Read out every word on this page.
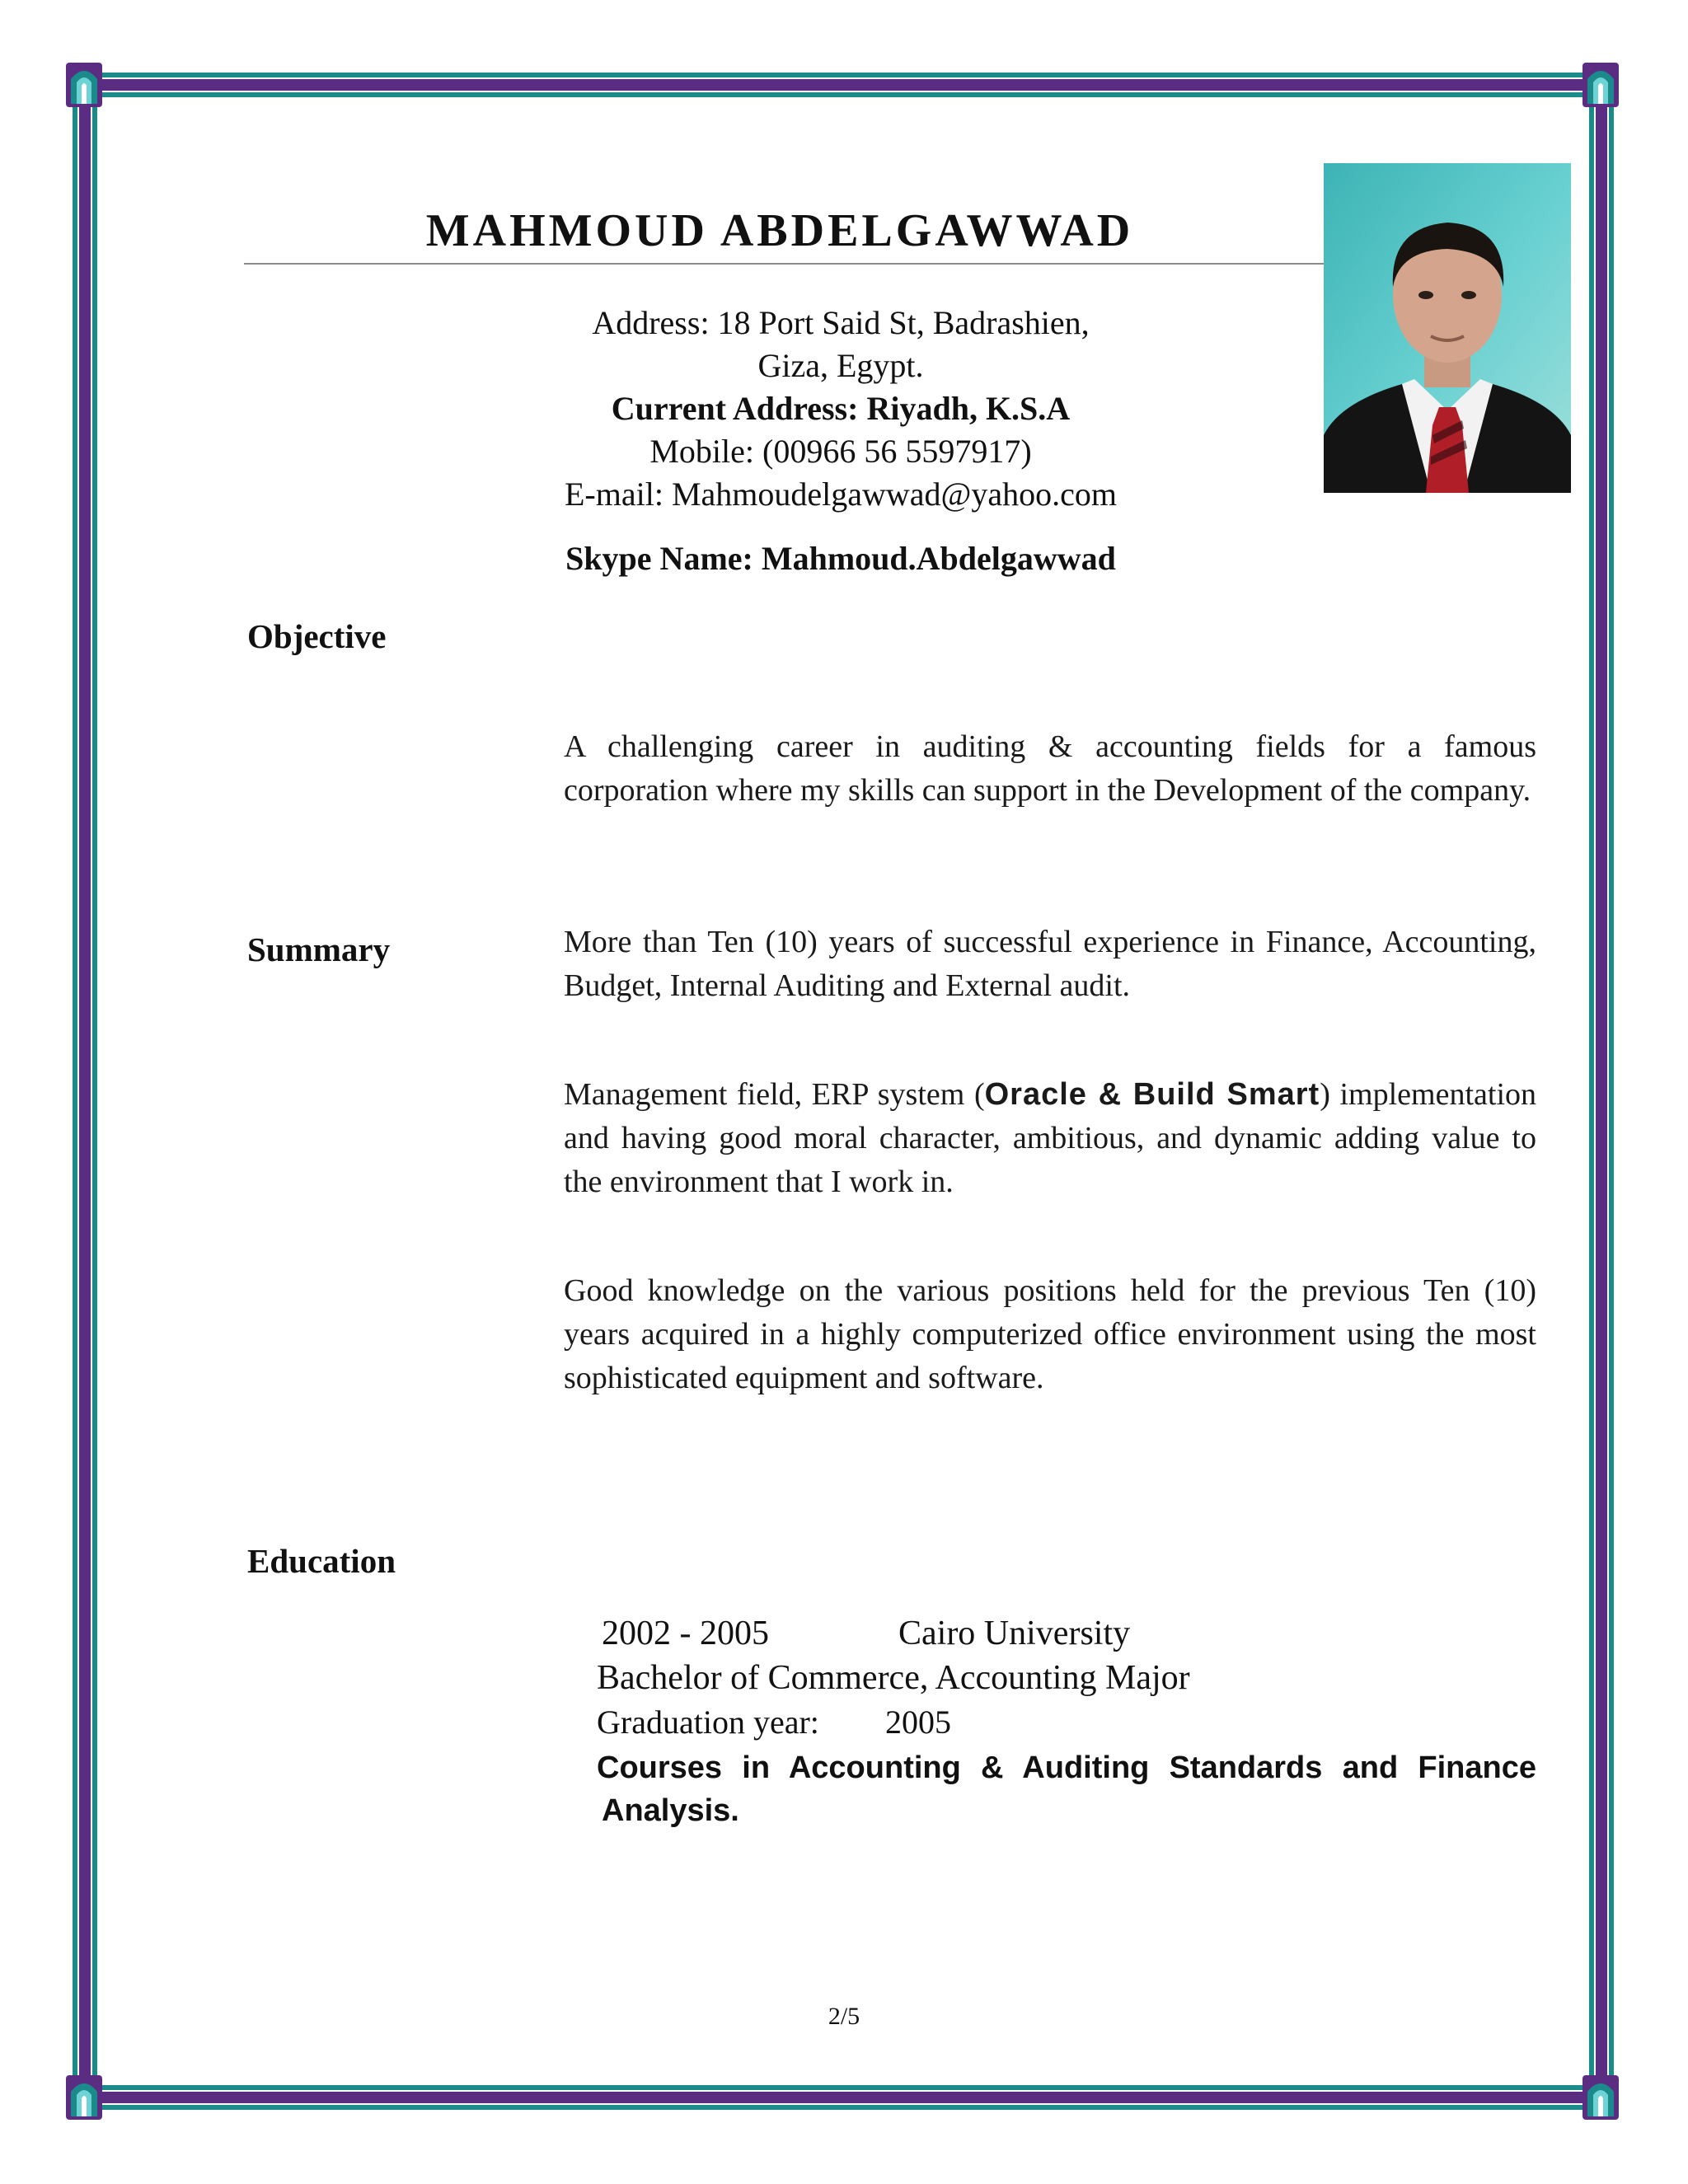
MAHMOUD ABDELGAWWAD
Address: 18 Port Said St, Badrashien,
Giza, Egypt.
Current Address: Riyadh, K.S.A
Mobile: (00966 56 5597917)
E-mail: Mahmoudelgawwad@yahoo.com
Skype Name: Mahmoud.Abdelgawwad
Objective

A challenging career in auditing & accounting fields for a famous corporation where my skills can support in the Development of the company.

Summary	More than Ten (10) years of successful experience in Finance, Accounting, Budget, Internal Auditing and External audit.

Management field, ERP system (Oracle & Build Smart) implementation and having good moral character, ambitious, and dynamic adding value to the environment that I work in.

Good knowledge on the various positions held for the previous Ten (10) years acquired in a highly computerized office environment using the most sophisticated equipment and software.

Education
2002 - 2005	Cairo University
Bachelor of Commerce, Accounting Major
Graduation year: 2005
Courses in Accounting & Auditing Standards and Finance
Analysis.
2/5
